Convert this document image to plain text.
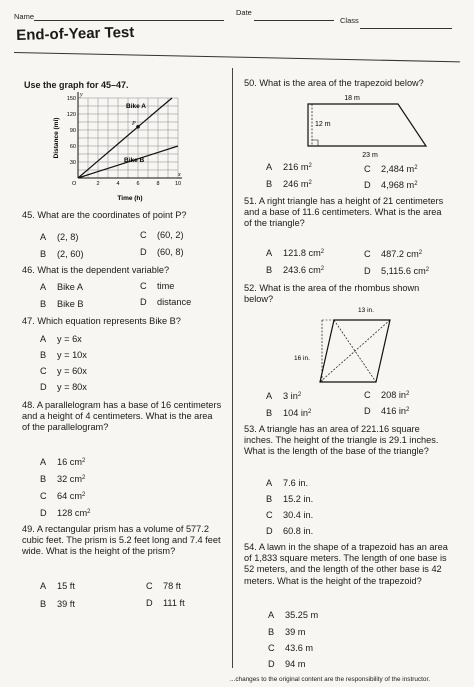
Name	Date
Class
End-of-Year Test
Use the graph for 45–47.
y
x
O
P
Bike A
Bike B
150
120
90
60
30
2	4	6	8	10
Time (h)
Distance (mi)
45. What are the coordinates of point P?
A (2, 8)
B (2, 60)
C (60, 2)
D (60, 8)
46. What is the dependent variable?
A Bike A
B Bike B
C time
D distance
47. Which equation represents Bike B?
A y = 6x
B y = 10x
C y = 60x
D y = 80x
48. A parallelogram has a base of 16 centimeters and a height of 4 centimeters. What is the area of the parallelogram?
A 16 $cm^2$
B 32 $cm^2$
C 64 $cm^2$
D 128 $cm^2$
49. A rectangular prism has a volume of 577.2 cubic feet. The prism is 5.2 feet long and 7.4 feet wide. What is the height of the prism?
A 15 ft
B 39 ft
C 78 ft
D 111 ft
50. What is the area of the trapezoid below?
18 m
12 m
23 m
A 216 $m^2$
B 246 $m^2$
C 2,484 $m^2$
D 4,968 $m^2$
51. A right triangle has a height of 21 centimeters and a base of 11.6 centimeters. What is the area of the triangle?
A 121.8 $cm^2$
B 243.6 $cm^2$
C 487.2 $cm^2$
D 5,115.6 $cm^2$
52. What is the area of the rhombus shown below?
13 in.
16 in.
A 3 $in^2$
B 104 $in^2$
C 208 $in^2$
D 416 $in^2$
53. A triangle has an area of 221.16 square inches. The height of the triangle is 29.1 inches. What is the length of the base of the triangle?
A 7.6 in.
B 15.2 in.
C 30.4 in.
D 60.8 in.
54. A lawn in the shape of a trapezoid has an area of 1,833 square meters. The length of one base is 52 meters, and the length of the other base is 42 meters. What is the height of the trapezoid?
A 35.25 m
B 39 m
C 43.6 m
D 94 m
...changes to the original content are the responsibility of the instructor.
